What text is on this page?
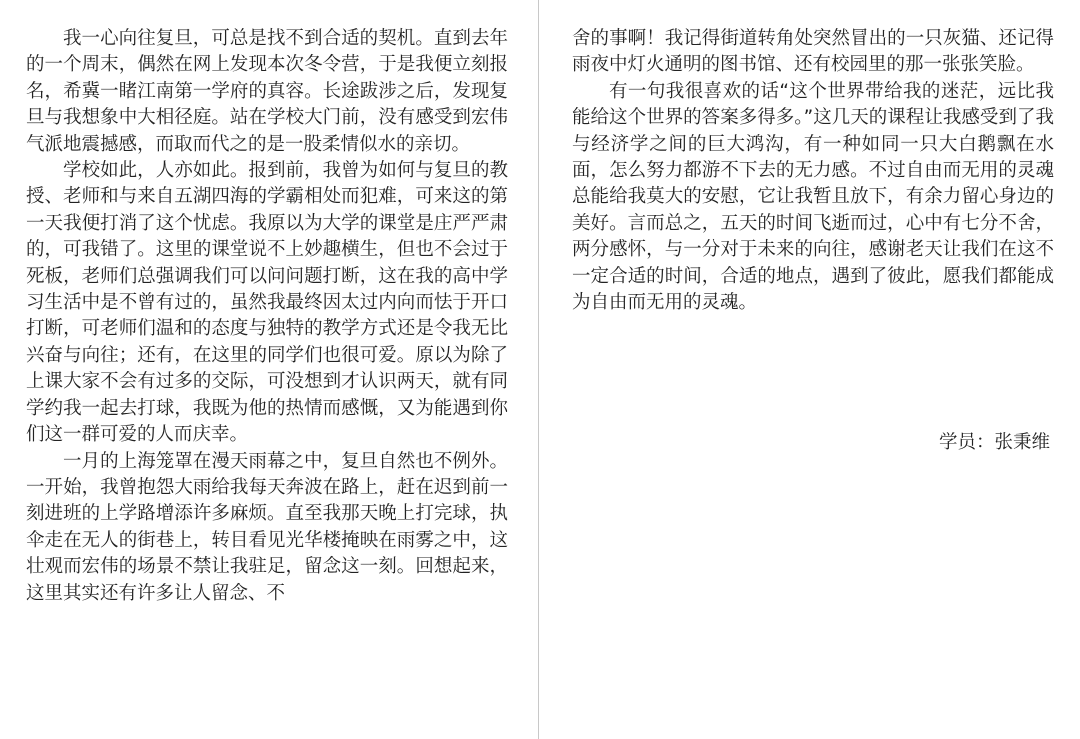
我一心向往复旦，可总是找不到合适的契机。直到去年的一个周末，偶然在网上发现本次冬令营，于是我便立刻报名，希冀一睹江南第一学府的真容。长途跋涉之后，发现复旦与我想象中大相径庭。站在学校大门前，没有感受到宏伟气派地震撼感，而取而代之的是一股柔情似水的亲切。

学校如此，人亦如此。报到前，我曾为如何与复旦的教授、老师和与来自五湖四海的学霸相处而犯难，可来这的第一天我便打消了这个忧虑。我原以为大学的课堂是庄严严肃的，可我错了。这里的课堂说不上妙趣横生，但也不会过于死板，老师们总强调我们可以问问题打断，这在我的高中学习生活中是不曾有过的，虽然我最终因太过内向而怯于开口打断，可老师们温和的态度与独特的教学方式还是令我无比兴奋与向往；还有，在这里的同学们也很可爱。原以为除了上课大家不会有过多的交际，可没想到才认识两天，就有同学约我一起去打球，我既为他的热情而感慨，又为能遇到你们这一群可爱的人而庆幸。

一月的上海笼罩在漫天雨幕之中，复旦自然也不例外。一开始，我曾抱怨大雨给我每天奔波在路上，赶在迟到前一刻进班的上学路增添许多麻烦。直至我那天晚上打完球，执伞走在无人的街巷上，转目看见光华楼掩映在雨雾之中，这壮观而宏伟的场景不禁让我驻足，留念这一刻。回想起来，这里其实还有许多让人留念、不

舍的事啊！我记得街道转角处突然冒出的一只灰猫、还记得雨夜中灯火通明的图书馆、还有校园里的那一张张笑脸。

有一句我很喜欢的话“这个世界带给我的迷茫，远比我能给这个世界的答案多得多。”这几天的课程让我感受到了我与经济学之间的巨大鸿沟，有一种如同一只大白鹅飘在水面，怎么努力都游不下去的无力感。不过自由而无用的灵魂总能给我莫大的安慰，它让我暂且放下，有余力留心身边的美好。言而总之，五天的时间飞逝而过，心中有七分不舍，两分感怀，与一分对于未来的向往，感谢老天让我们在这不一定合适的时间，合适的地点，遇到了彼此，愿我们都能成为自由而无用的灵魂。

学员：张秉维
